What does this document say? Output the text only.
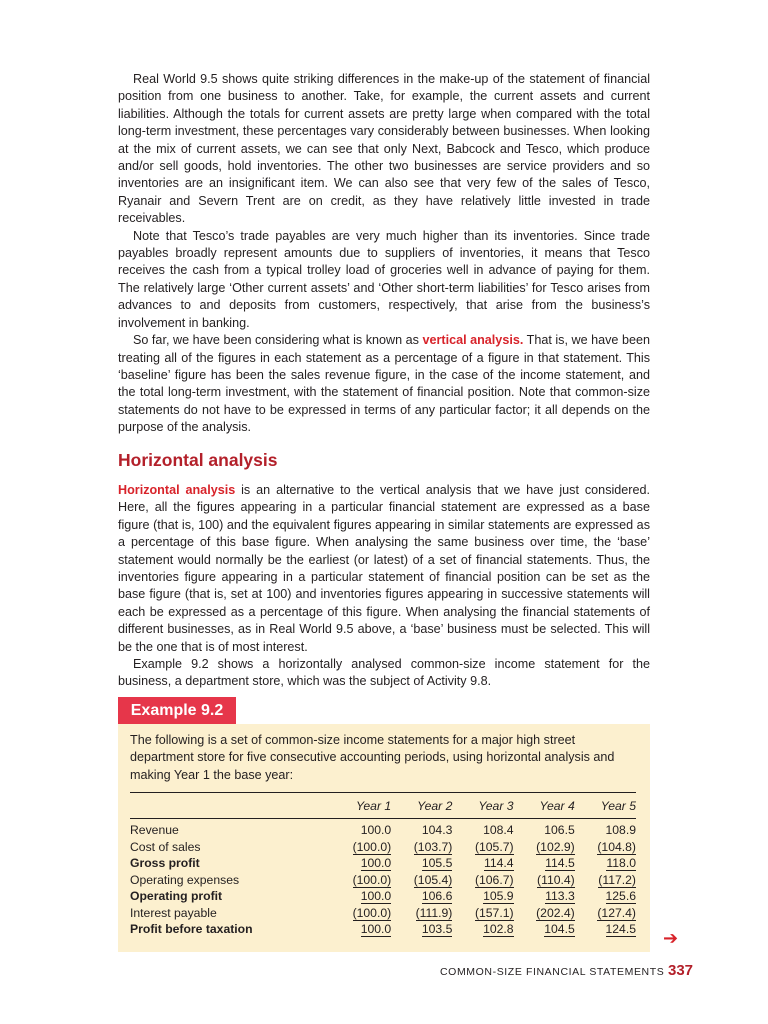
Real World 9.5 shows quite striking differences in the make-up of the statement of financial position from one business to another. Take, for example, the current assets and current liabilities. Although the totals for current assets are pretty large when compared with the total long-term investment, these percentages vary considerably between businesses. When looking at the mix of current assets, we can see that only Next, Babcock and Tesco, which produce and/or sell goods, hold inventories. The other two businesses are service providers and so inventories are an insignificant item. We can also see that very few of the sales of Tesco, Ryanair and Severn Trent are on credit, as they have relatively little invested in trade receivables.

Note that Tesco’s trade payables are very much higher than its inventories. Since trade payables broadly represent amounts due to suppliers of inventories, it means that Tesco receives the cash from a typical trolley load of groceries well in advance of paying for them. The relatively large ‘Other current assets’ and ‘Other short-term liabilities’ for Tesco arises from advances to and deposits from customers, respectively, that arise from the business’s involvement in banking.

So far, we have been considering what is known as vertical analysis. That is, we have been treating all of the figures in each statement as a percentage of a figure in that statement. This ‘baseline’ figure has been the sales revenue figure, in the case of the income statement, and the total long-term investment, with the statement of financial position. Note that common-size statements do not have to be expressed in terms of any particular factor; it all depends on the purpose of the analysis.

Horizontal analysis

Horizontal analysis is an alternative to the vertical analysis that we have just considered. Here, all the figures appearing in a particular financial statement are expressed as a base figure (that is, 100) and the equivalent figures appearing in similar statements are expressed as a percentage of this base figure. When analysing the same business over time, the ‘base’ statement would normally be the earliest (or latest) of a set of financial statements. Thus, the inventories figure appearing in a particular statement of financial position can be set as the base figure (that is, set at 100) and inventories figures appearing in successive statements will each be expressed as a percentage of this figure. When analysing the financial statements of different businesses, as in Real World 9.5 above, a ‘base’ business must be selected. This will be the one that is of most interest.

Example 9.2 shows a horizontally analysed common-size income statement for the business, a department store, which was the subject of Activity 9.8.

Example 9.2

The following is a set of common-size income statements for a major high street department store for five consecutive accounting periods, using horizontal analysis and making Year 1 the base year:

	Year 1	Year 2	Year 3	Year 4	Year 5
Revenue	100.0	104.3	108.4	106.5	108.9
Cost of sales	(100.0)	(103.7)	(105.7)	(102.9)	(104.8)
Gross profit	100.0	105.5	114.4	114.5	118.0
Operating expenses	(100.0)	(105.4)	(106.7)	(110.4)	(117.2)
Operating profit	100.0	106.6	105.9	113.3	125.6
Interest payable	(100.0)	(111.9)	(157.1)	(202.4)	(127.4)
Profit before taxation	100.0	103.5	102.8	104.5	124.5 ➔
COMMON-SIZE FINANCIAL STATEMENTS 337
